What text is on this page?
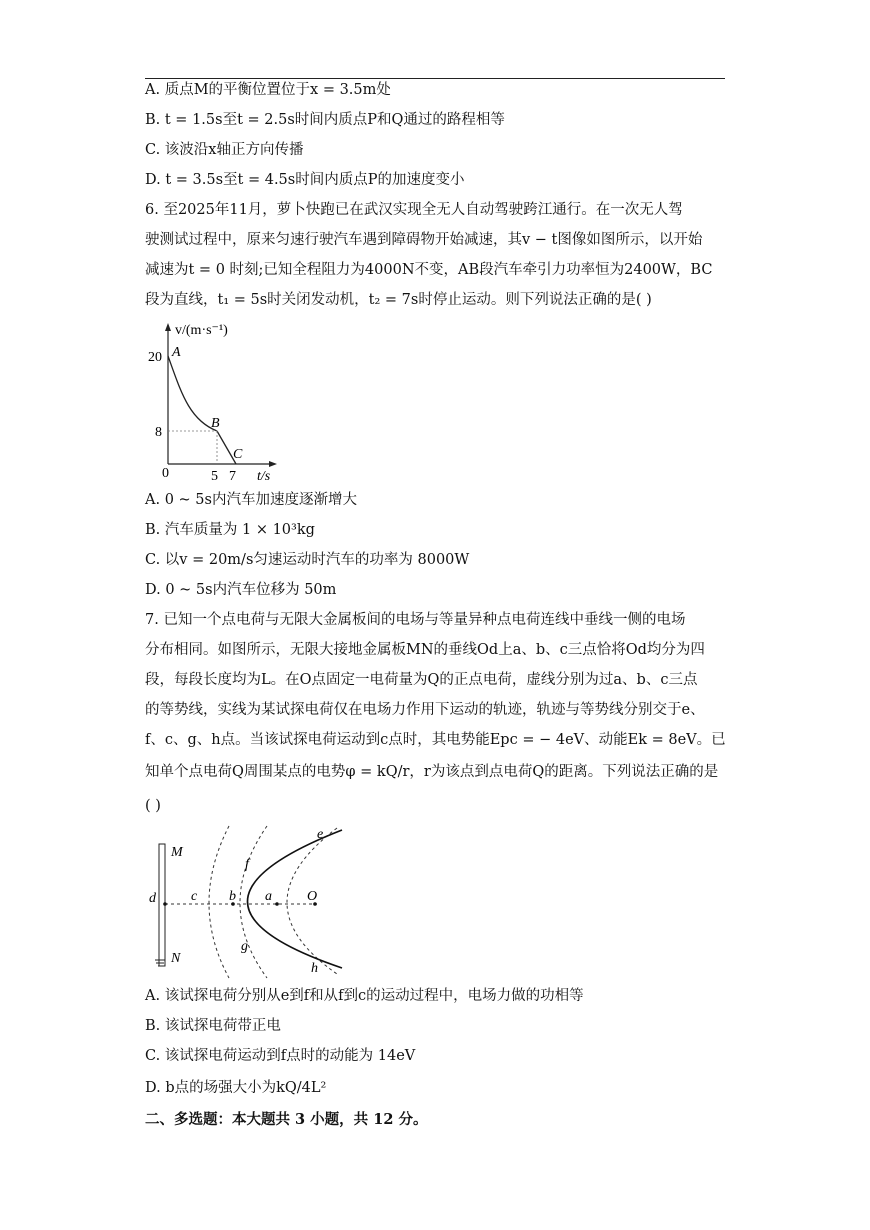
A. 质点M的平衡位置位于x = 3.5m处
B. t = 1.5s至t = 2.5s时间内质点P和Q通过的路程相等
C. 该波沿x轴正方向传播
D. t = 3.5s至t = 4.5s时间内质点P的加速度变小
6. 至2025年11月，萝卜快跑已在武汉实现全无人自动驾驶跨江通行。在一次无人驾
驶测试过程中，原来匀速行驶汽车遇到障碍物开始减速，其v − t图像如图所示，以开始
减速为t = 0 时刻;已知全程阻力为4000N不变，AB段汽车牵引力功率恒为2400W，BC
段为直线，t₁ = 5s时关闭发动机，t₂ = 7s时停止运动。则下列说法正确的是( )
v/(m·s⁻¹)
20
8
0	5 7 t/s
A
B
C
A. 0 ~ 5s内汽车加速度逐渐增大
B. 汽车质量为 1 × 10³kg
C. 以v = 20m/s匀速运动时汽车的功率为 8000W
D. 0 ~ 5s内汽车位移为 50m
7. 已知一个点电荷与无限大金属板间的电场与等量异种点电荷连线中垂线一侧的电场
分布相同。如图所示，无限大接地金属板MN的垂线Od上a、b、c三点恰将Od均分为四
段，每段长度均为L。在O点固定一电荷量为Q的正点电荷，虚线分别为过a、b、c三点
的等势线，实线为某试探电荷仅在电场力作用下运动的轨迹，轨迹与等势线分别交于e、
f、c、g、h点。当该试探电荷运动到c点时，其电势能Epc = − 4eV、动能Ek = 8eV。已
知单个点电荷Q周围某点的电势φ = kQ/r，r为该点到点电荷Q的距离。下列说法正确的是
( )
M
N
d	c b a	O
e
f
g
h
A. 该试探电荷分别从e到f和从f到c的运动过程中，电场力做的功相等
B. 该试探电荷带正电
C. 该试探电荷运动到f点时的动能为 14eV
D. b点的场强大小为kQ/4L²
二、多选题：本大题共 3 小题，共 12 分。
